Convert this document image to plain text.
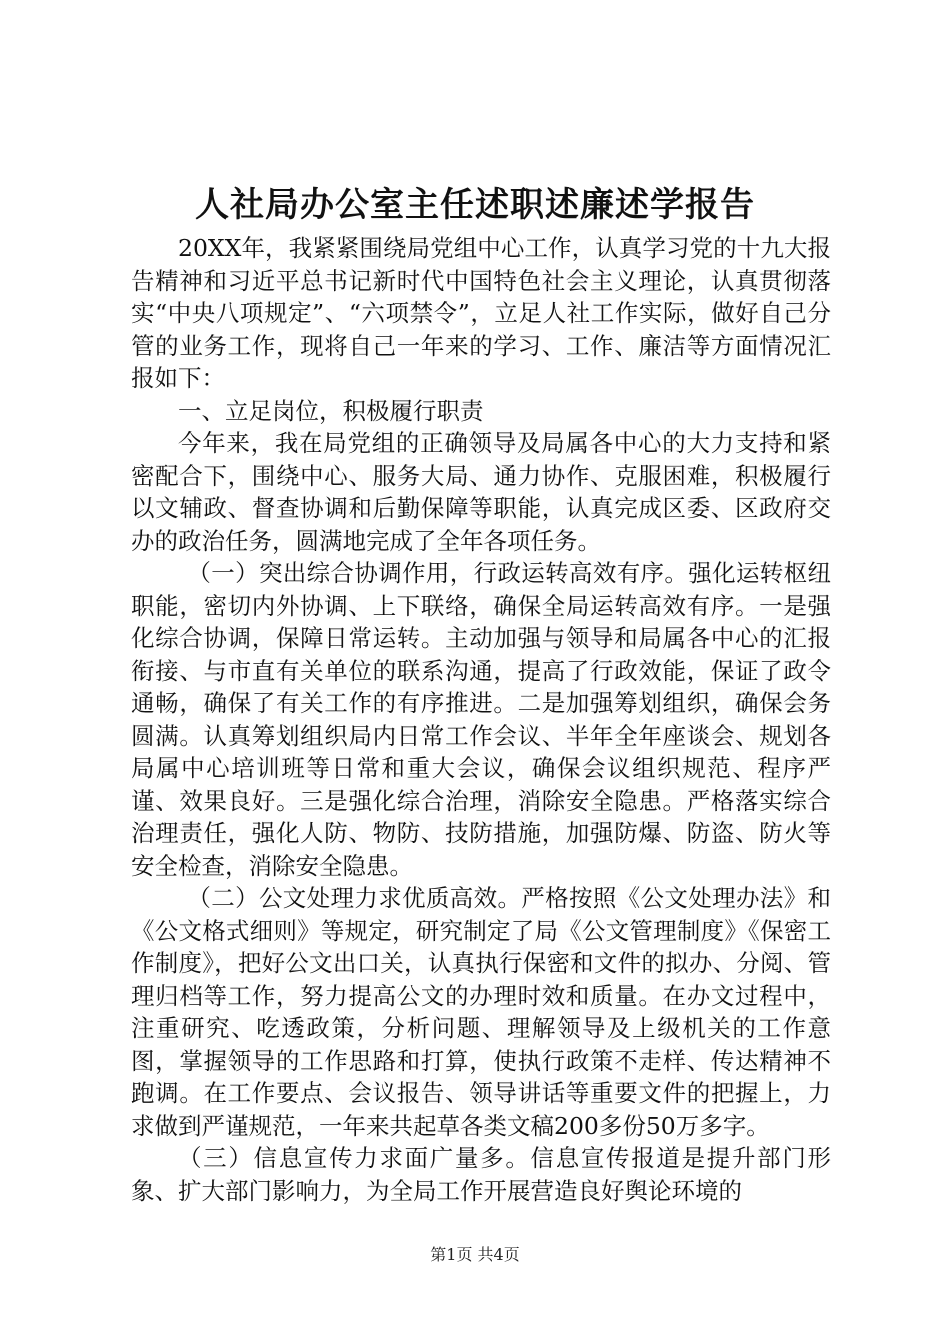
人社局办公室主任述职述廉述学报告

20XX年，我紧紧围绕局党组中心工作，认真学习党的十九大报告精神和习近平总书记新时代中国特色社会主义理论，认真贯彻落实“中央八项规定”、“六项禁令”，立足人社工作实际，做好自己分管的业务工作，现将自己一年来的学习、工作、廉洁等方面情况汇报如下：

一、立足岗位，积极履行职责

今年来，我在局党组的正确领导及局属各中心的大力支持和紧密配合下，围绕中心、服务大局、通力协作、克服困难，积极履行以文辅政、督查协调和后勤保障等职能，认真完成区委、区政府交办的政治任务，圆满地完成了全年各项任务。

（一）突出综合协调作用，行政运转高效有序。强化运转枢纽职能，密切内外协调、上下联络，确保全局运转高效有序。一是强化综合协调，保障日常运转。主动加强与领导和局属各中心的汇报衔接、与市直有关单位的联系沟通，提高了行政效能，保证了政令通畅，确保了有关工作的有序推进。二是加强筹划组织，确保会务圆满。认真筹划组织局内日常工作会议、半年全年座谈会、规划各局属中心培训班等日常和重大会议，确保会议组织规范、程序严谨、效果良好。三是强化综合治理，消除安全隐患。严格落实综合治理责任，强化人防、物防、技防措施，加强防爆、防盗、防火等安全检查，消除安全隐患。

（二）公文处理力求优质高效。严格按照《公文处理办法》和《公文格式细则》等规定，研究制定了局《公文管理制度》《保密工作制度》，把好公文出口关，认真执行保密和文件的拟办、分阅、管理归档等工作，努力提高公文的办理时效和质量。在办文过程中，注重研究、吃透政策，分析问题、理解领导及上级机关的工作意图，掌握领导的工作思路和打算，使执行政策不走样、传达精神不跑调。在工作要点、会议报告、领导讲话等重要文件的把握上，力求做到严谨规范，一年来共起草各类文稿200多份50万多字。

（三）信息宣传力求面广量多。信息宣传报道是提升部门形象、扩大部门影响力，为全局工作开展营造良好舆论环境的

第1页 共4页
